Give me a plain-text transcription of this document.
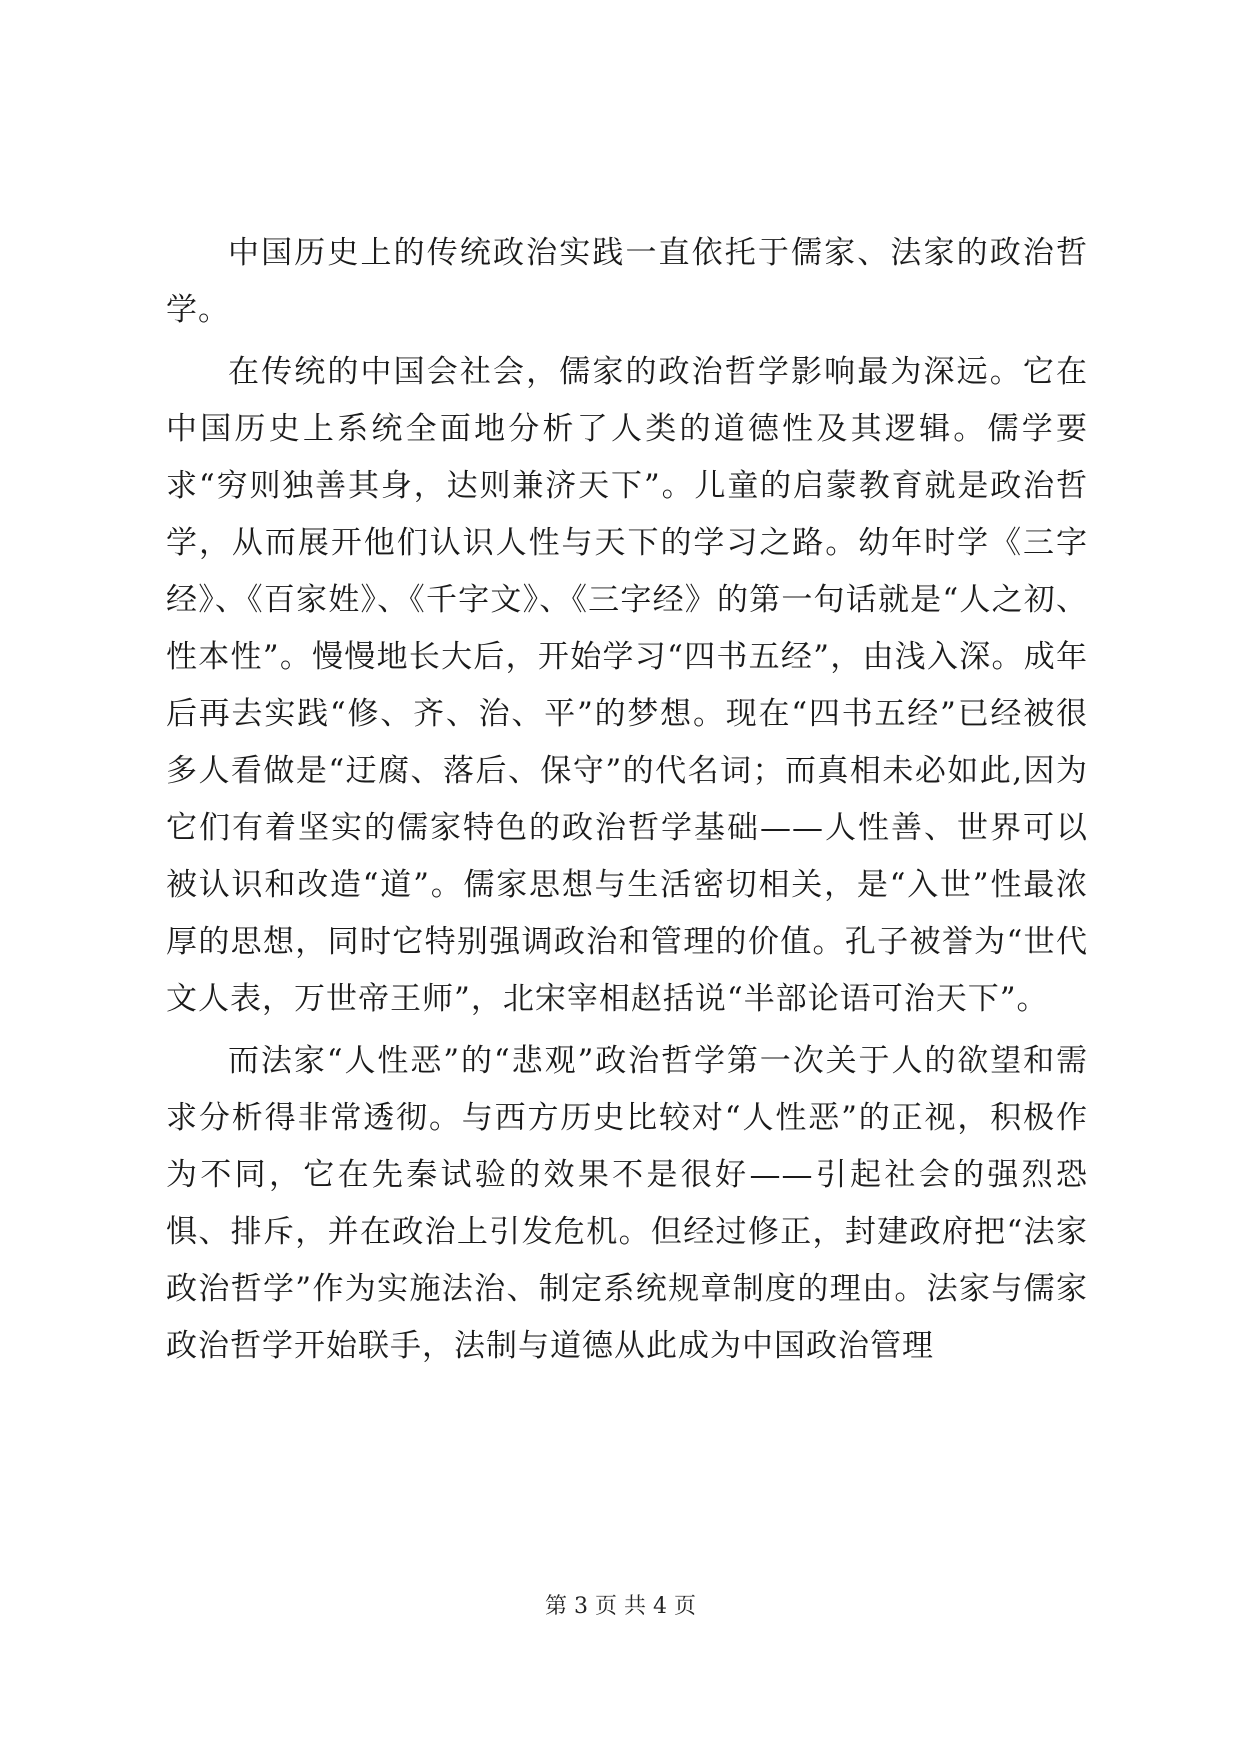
中国历史上的传统政治实践一直依托于儒家、法家的政治哲学。

在传统的中国会社会，儒家的政治哲学影响最为深远。它在中国历史上系统全面地分析了人类的道德性及其逻辑。儒学要求“穷则独善其身，达则兼济天下”。儿童的启蒙教育就是政治哲学，从而展开他们认识人性与天下的学习之路。幼年时学《三字经》、《百家姓》、《千字文》、《三字经》的第一句话就是“人之初、性本性”。慢慢地长大后，开始学习“四书五经”，由浅入深。成年后再去实践“修、齐、治、平”的梦想。现在“四书五经”已经被很多人看做是“迂腐、落后、保守”的代名词；而真相未必如此,因为它们有着坚实的儒家特色的政治哲学基础——人性善、世界可以被认识和改造“道”。儒家思想与生活密切相关，是“入世”性最浓厚的思想，同时它特别强调政治和管理的价值。孔子被誉为“世代文人表，万世帝王师”，北宋宰相赵括说“半部论语可治天下”。

而法家“人性恶”的“悲观”政治哲学第一次关于人的欲望和需求分析得非常透彻。与西方历史比较对“人性恶”的正视，积极作为不同，它在先秦试验的效果不是很好——引起社会的强烈恐惧、排斥，并在政治上引发危机。但经过修正，封建政府把“法家政治哲学”作为实施法治、制定系统规章制度的理由。法家与儒家政治哲学开始联手，法制与道德从此成为中国政治管理

第 3 页 共 4 页
